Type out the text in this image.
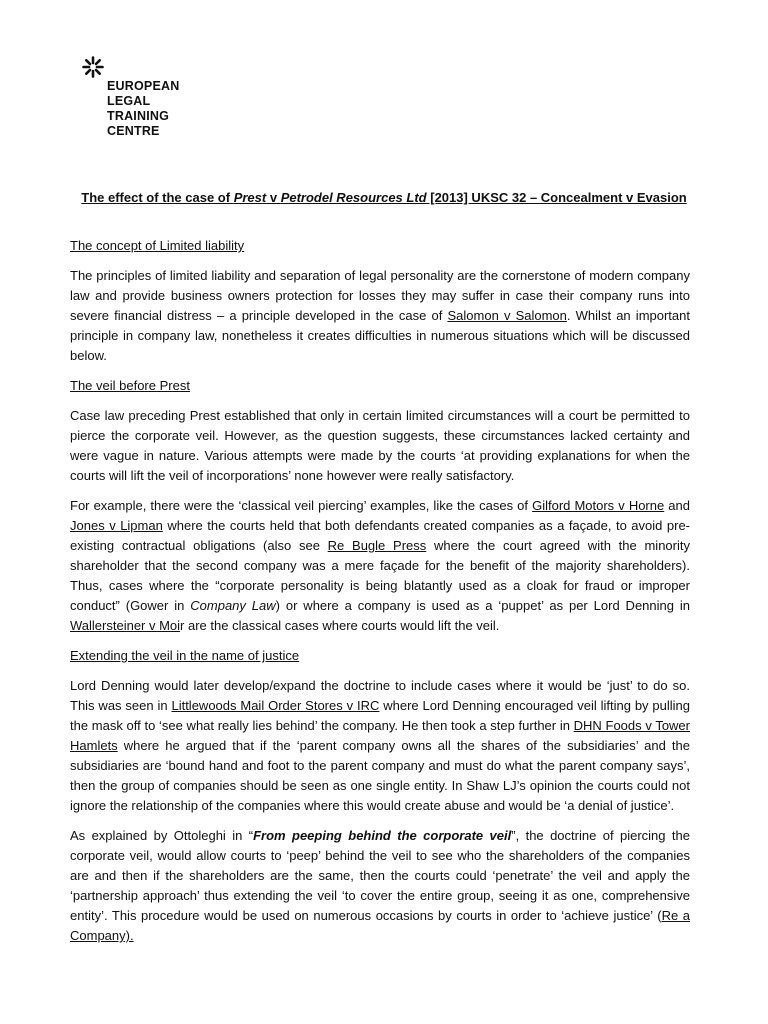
EUROPEAN
LEGAL
TRAINING
CENTRE
The effect of the case of Prest v Petrodel Resources Ltd [2013] UKSC 32 – Concealment v Evasion
The concept of Limited liability

The principles of limited liability and separation of legal personality are the cornerstone of modern company law and provide business owners protection for losses they may suffer in case their company runs into severe financial distress – a principle developed in the case of Salomon v Salomon. Whilst an important principle in company law, nonetheless it creates difficulties in numerous situations which will be discussed below.

The veil before Prest

Case law preceding Prest established that only in certain limited circumstances will a court be permitted to pierce the corporate veil. However, as the question suggests, these circumstances lacked certainty and were vague in nature. Various attempts were made by the courts ‘at providing explanations for when the courts will lift the veil of incorporations’ none however were really satisfactory.

For example, there were the ‘classical veil piercing’ examples, like the cases of Gilford Motors v Horne and Jones v Lipman where the courts held that both defendants created companies as a façade, to avoid pre-existing contractual obligations (also see Re Bugle Press where the court agreed with the minority shareholder that the second company was a mere façade for the benefit of the majority shareholders). Thus, cases where the “corporate personality is being blatantly used as a cloak for fraud or improper conduct” (Gower in Company Law) or where a company is used as a ‘puppet’ as per Lord Denning in Wallersteiner v Moir are the classical cases where courts would lift the veil.

Extending the veil in the name of justice

Lord Denning would later develop/expand the doctrine to include cases where it would be ‘just’ to do so. This was seen in Littlewoods Mail Order Stores v IRC where Lord Denning encouraged veil lifting by pulling the mask off to ‘see what really lies behind’ the company. He then took a step further in DHN Foods v Tower Hamlets where he argued that if the ‘parent company owns all the shares of the subsidiaries’ and the subsidiaries are ‘bound hand and foot to the parent company and must do what the parent company says’, then the group of companies should be seen as one single entity. In Shaw LJ’s opinion the courts could not ignore the relationship of the companies where this would create abuse and would be ‘a denial of justice’.

As explained by Ottoleghi in “From peeping behind the corporate veil”, the doctrine of piercing the corporate veil, would allow courts to ‘peep’ behind the veil to see who the shareholders of the companies are and then if the shareholders are the same, then the courts could ‘penetrate’ the veil and apply the ‘partnership approach’ thus extending the veil ‘to cover the entire group, seeing it as one, comprehensive entity’. This procedure would be used on numerous occasions by courts in order to ‘achieve justice’ (Re a Company).
